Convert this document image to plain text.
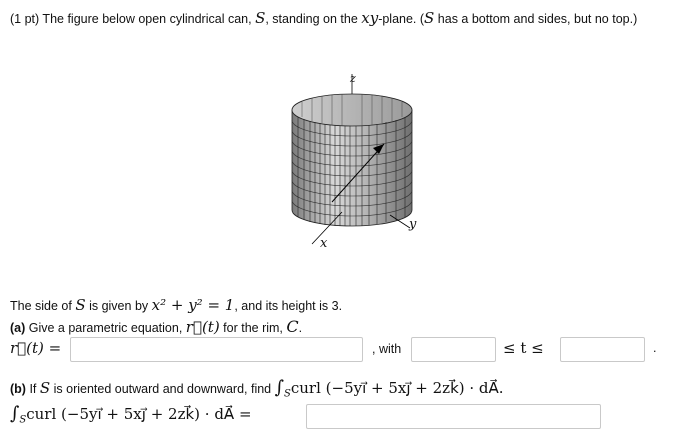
(1 pt) The figure below open cylindrical can, S, standing on the xy-plane. (S has a bottom and sides, but no top.)
z
x
y
The side of S is given by x² + y² = 1, and its height is 3.
(a) Give a parametric equation, r⃗(t) for the rim, C.
r⃗(t) =	, with	≤ t ≤	.
(b) If S is oriented outward and downward, find $\int_Scurl$ (−5yi⃗ + 5xj⃗ + 2zk⃗) · dA⃗.
$\int_Scurl$ (−5yi⃗ + 5xj⃗ + 2zk⃗) · dA⃗ =
